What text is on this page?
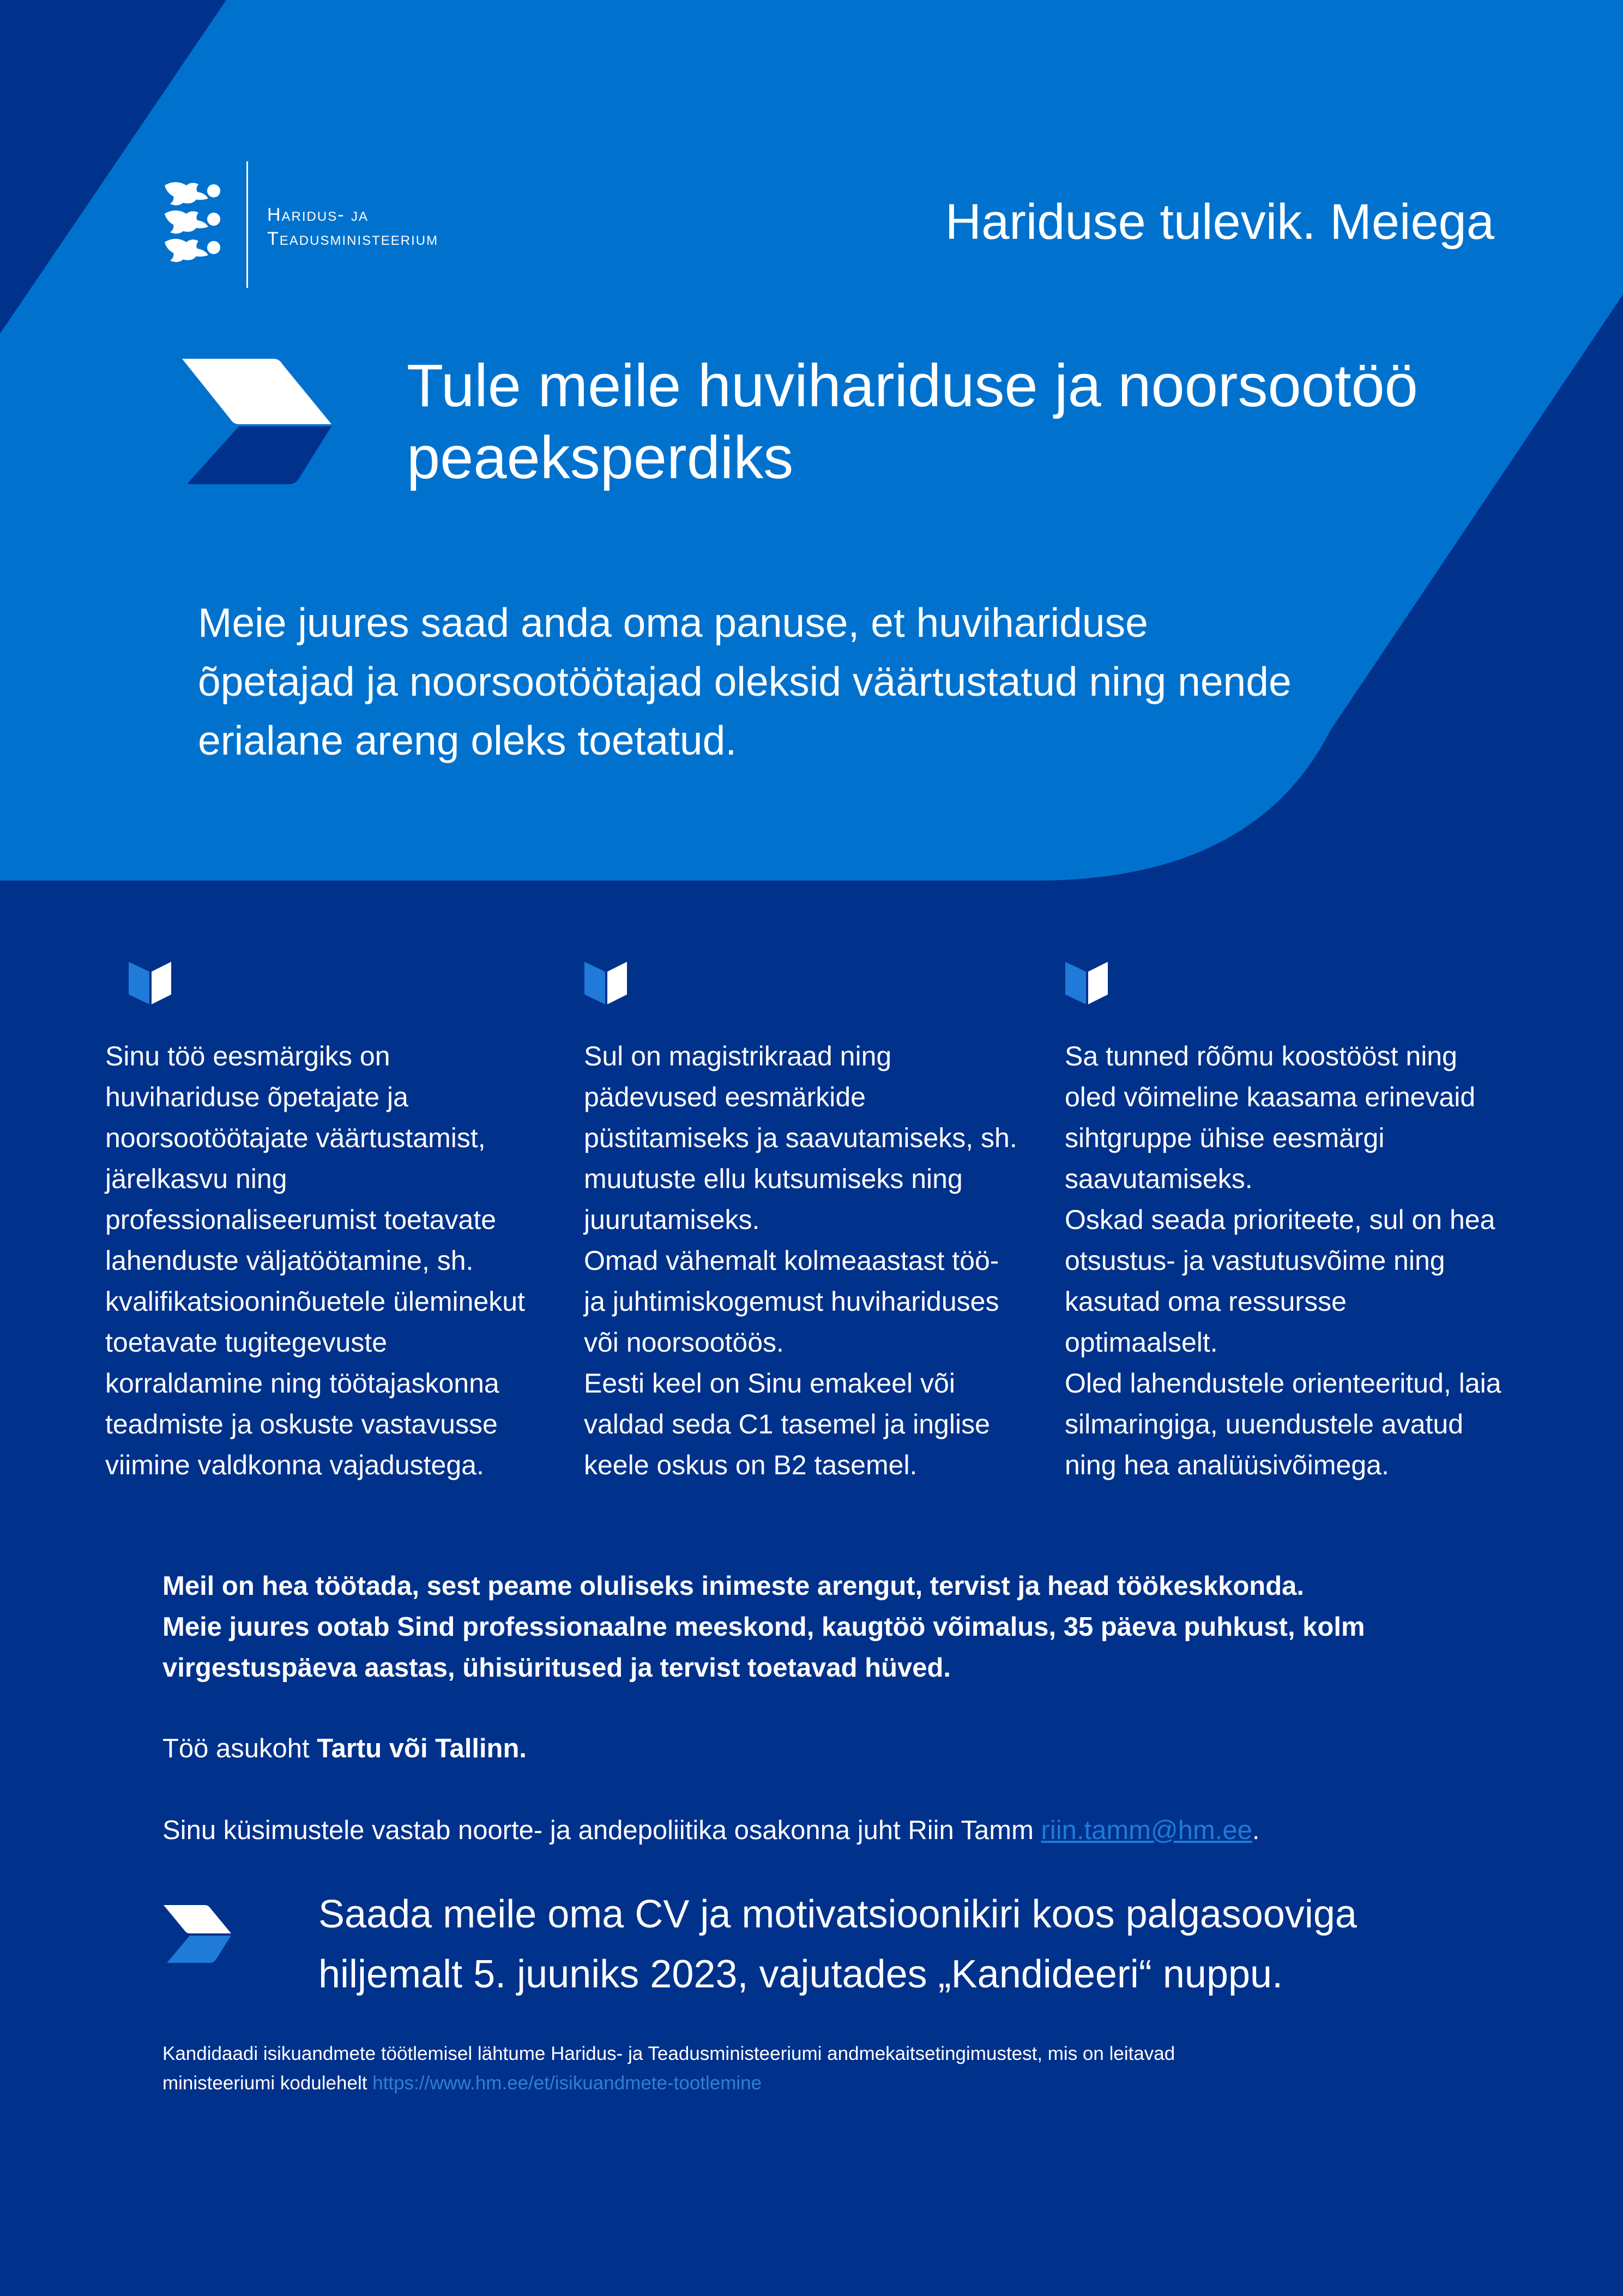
Haridus- ja
Teadusministeerium	Hariduse tulevik. Meiega
Tule meile huvihariduse ja noorsootöö peaeksperdiks
Meie juures saad anda oma panuse, et huvihariduse õpetajad ja noorsootöötajad oleksid väärtustatud ning nende erialane areng oleks toetatud.

Sinu töö eesmärgiks on huvihariduse õpetajate ja noorsootöötajate väärtustamist, järelkasvu ning professionaliseerumist toetavate lahenduste väljatöötamine, sh. kvalifikatsiooninõuetele üleminekut toetavate tugitegevuste korraldamine ning töötajaskonna teadmiste ja oskuste vastavusse viimine valdkonna vajadustega.

Sul on magistrikraad ning pädevused eesmärkide püstitamiseks ja saavutamiseks, sh. muutuste ellu kutsumiseks ning juurutamiseks.

Omad vähemalt kolmeaastast töö- ja juhtimiskogemust huvihariduses või noorsootöös.

Eesti keel on Sinu emakeel või valdad seda C1 tasemel ja inglise keele oskus on B2 tasemel.

Sa tunned rõõmu koostööst ning oled võimeline kaasama erinevaid sihtgruppe ühise eesmärgi saavutamiseks.

Oskad seada prioriteete, sul on hea otsustus- ja vastutusvõime ning kasutad oma ressursse optimaalselt.

Oled lahendustele orienteeritud, laia silmaringiga, uuendustele avatud ning hea analüüsivõimega.

Meil on hea töötada, sest peame oluliseks inimeste arengut, tervist ja head töökeskkonda.

Meie juures ootab Sind professionaalne meeskond, kaugtöö võimalus, 35 päeva puhkust, kolm virgestuspäeva aastas, ühisüritused ja tervist toetavad hüved.

Töö asukoht Tartu või Tallinn.
Sinu küsimustele vastab noorte- ja andepoliitika osakonna juht Riin Tamm riin.tamm@hm.ee.

Saada meile oma CV ja motivatsioonikiri koos palgasooviga

hiljemalt 5. juuniks 2023, vajutades „Kandideeri“ nuppu.

Kandidaadi isikuandmete töötlemisel lähtume Haridus- ja Teadusministeeriumi andmekaitsetingimustest, mis on leitavad

ministeeriumi kodulehelt https://www.hm.ee/et/isikuandmete-tootlemine
